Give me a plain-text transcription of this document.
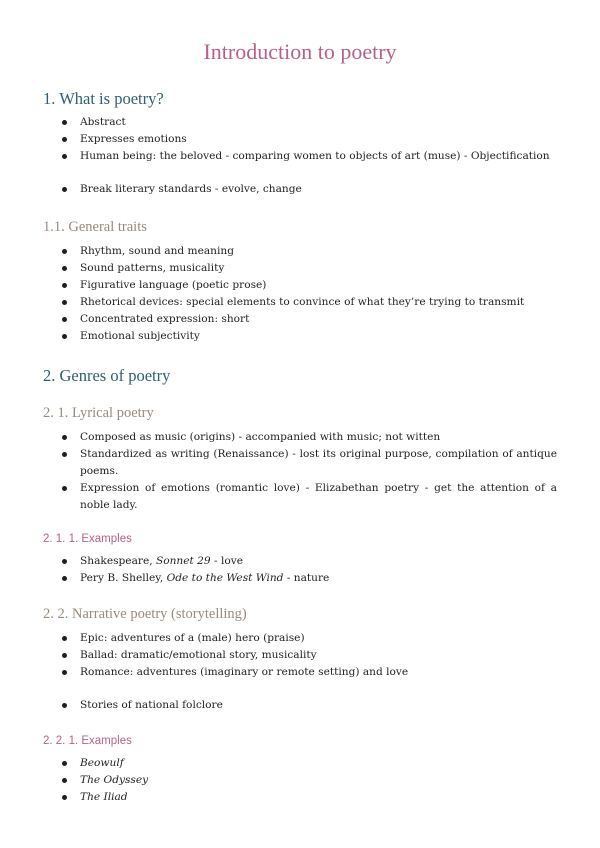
Introduction to poetry
1. What is poetry?
Abstract
Expresses emotions
Human being: the beloved - comparing women to objects of art (muse) - Objectification
Break literary standards - evolve, change
1.1. General traits
Rhythm, sound and meaning
Sound patterns, musicality
Figurative language (poetic prose)
Rhetorical devices: special elements to convince of what they’re trying to transmit
Concentrated expression: short
Emotional subjectivity
2. Genres of poetry
2. 1. Lyrical poetry
Composed as music (origins) - accompanied with music; not witten
Standardized as writing (Renaissance) - lost its original purpose, compilation of antique poems.
Expression of emotions (romantic love) - Elizabethan poetry - get the attention of a noble lady.
2. 1. 1. Examples
Shakespeare, Sonnet 29 - love
Pery B. Shelley, Ode to the West Wind - nature
2. 2. Narrative poetry (storytelling)
Epic: adventures of a (male) hero (praise)
Ballad: dramatic/emotional story, musicality
Romance: adventures (imaginary or remote setting) and love
Stories of national folclore
2. 2. 1. Examples
Beowulf
The Odyssey
The Iliad
